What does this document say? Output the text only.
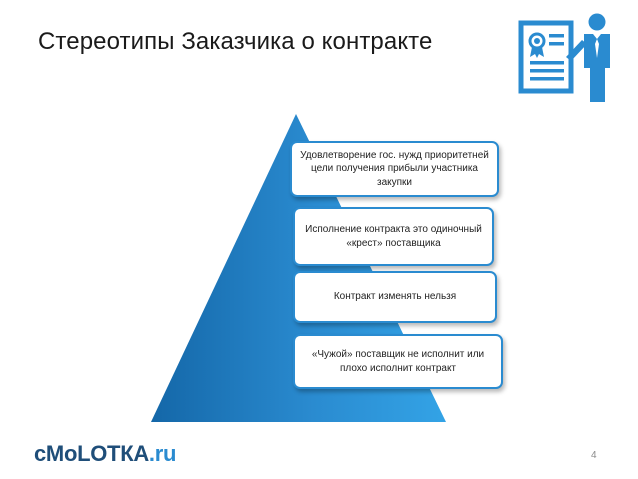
Стереотипы Заказчика о контракте
Удовлетворение гос. нужд приоритетней цели получения прибыли участника закупки
Исполнение контракта это одиночный «крест» поставщика
Контракт изменять нельзя
«Чужой» поставщик не исполнит или плохо исполнит контракт
сМоLОТКА.ru	4
